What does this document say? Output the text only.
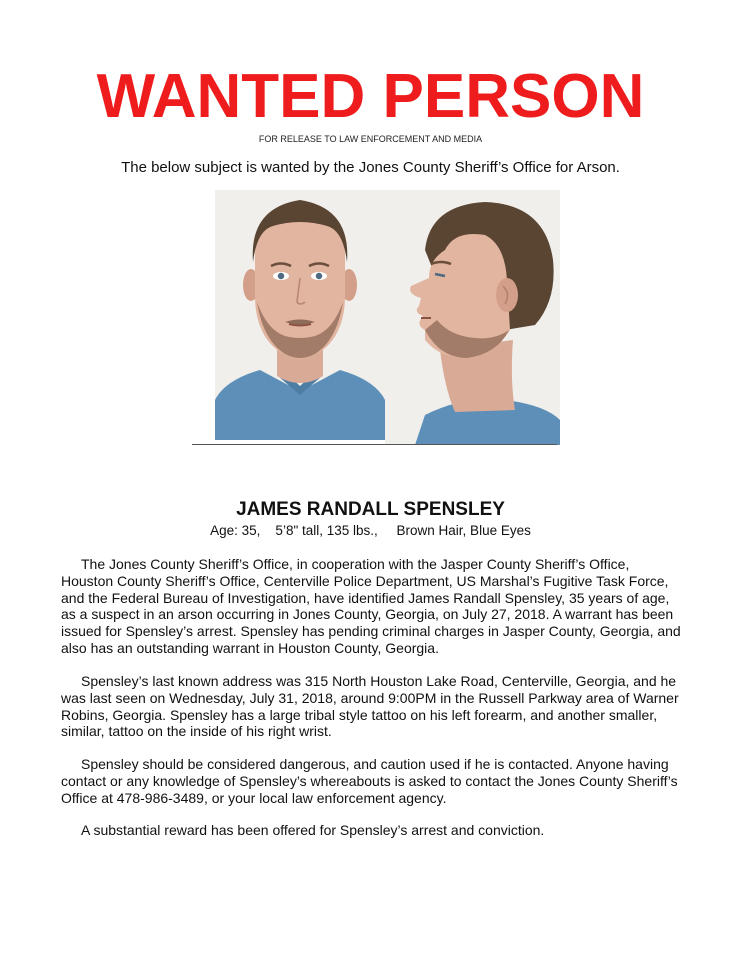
WANTED PERSON
FOR RELEASE TO LAW ENFORCEMENT AND MEDIA
The below subject is wanted by the Jones County Sheriff’s Office for Arson.
JAMES RANDALL SPENSLEY
Age: 35,    5’8" tall, 135 lbs.,     Brown Hair, Blue Eyes

The Jones County Sheriff’s Office, in cooperation with the Jasper County Sheriff’s Office, Houston County Sheriff’s Office, Centerville Police Department, US Marshal’s Fugitive Task Force, and the Federal Bureau of Investigation, have identified James Randall Spensley, 35 years of age, as a suspect in an arson occurring in Jones County, Georgia, on July 27, 2018. A warrant has been issued for Spensley’s arrest. Spensley has pending criminal charges in Jasper County, Georgia, and also has an outstanding warrant in Houston County, Georgia.

Spensley’s last known address was 315 North Houston Lake Road, Centerville, Georgia, and he was last seen on Wednesday, July 31, 2018, around 9:00PM in the Russell Parkway area of Warner Robins, Georgia. Spensley has a large tribal style tattoo on his left forearm, and another smaller, similar, tattoo on the inside of his right wrist.

Spensley should be considered dangerous, and caution used if he is contacted. Anyone having contact or any knowledge of Spensley’s whereabouts is asked to contact the Jones County Sheriff’s Office at 478-986-3489, or your local law enforcement agency.

A substantial reward has been offered for Spensley’s arrest and conviction.
